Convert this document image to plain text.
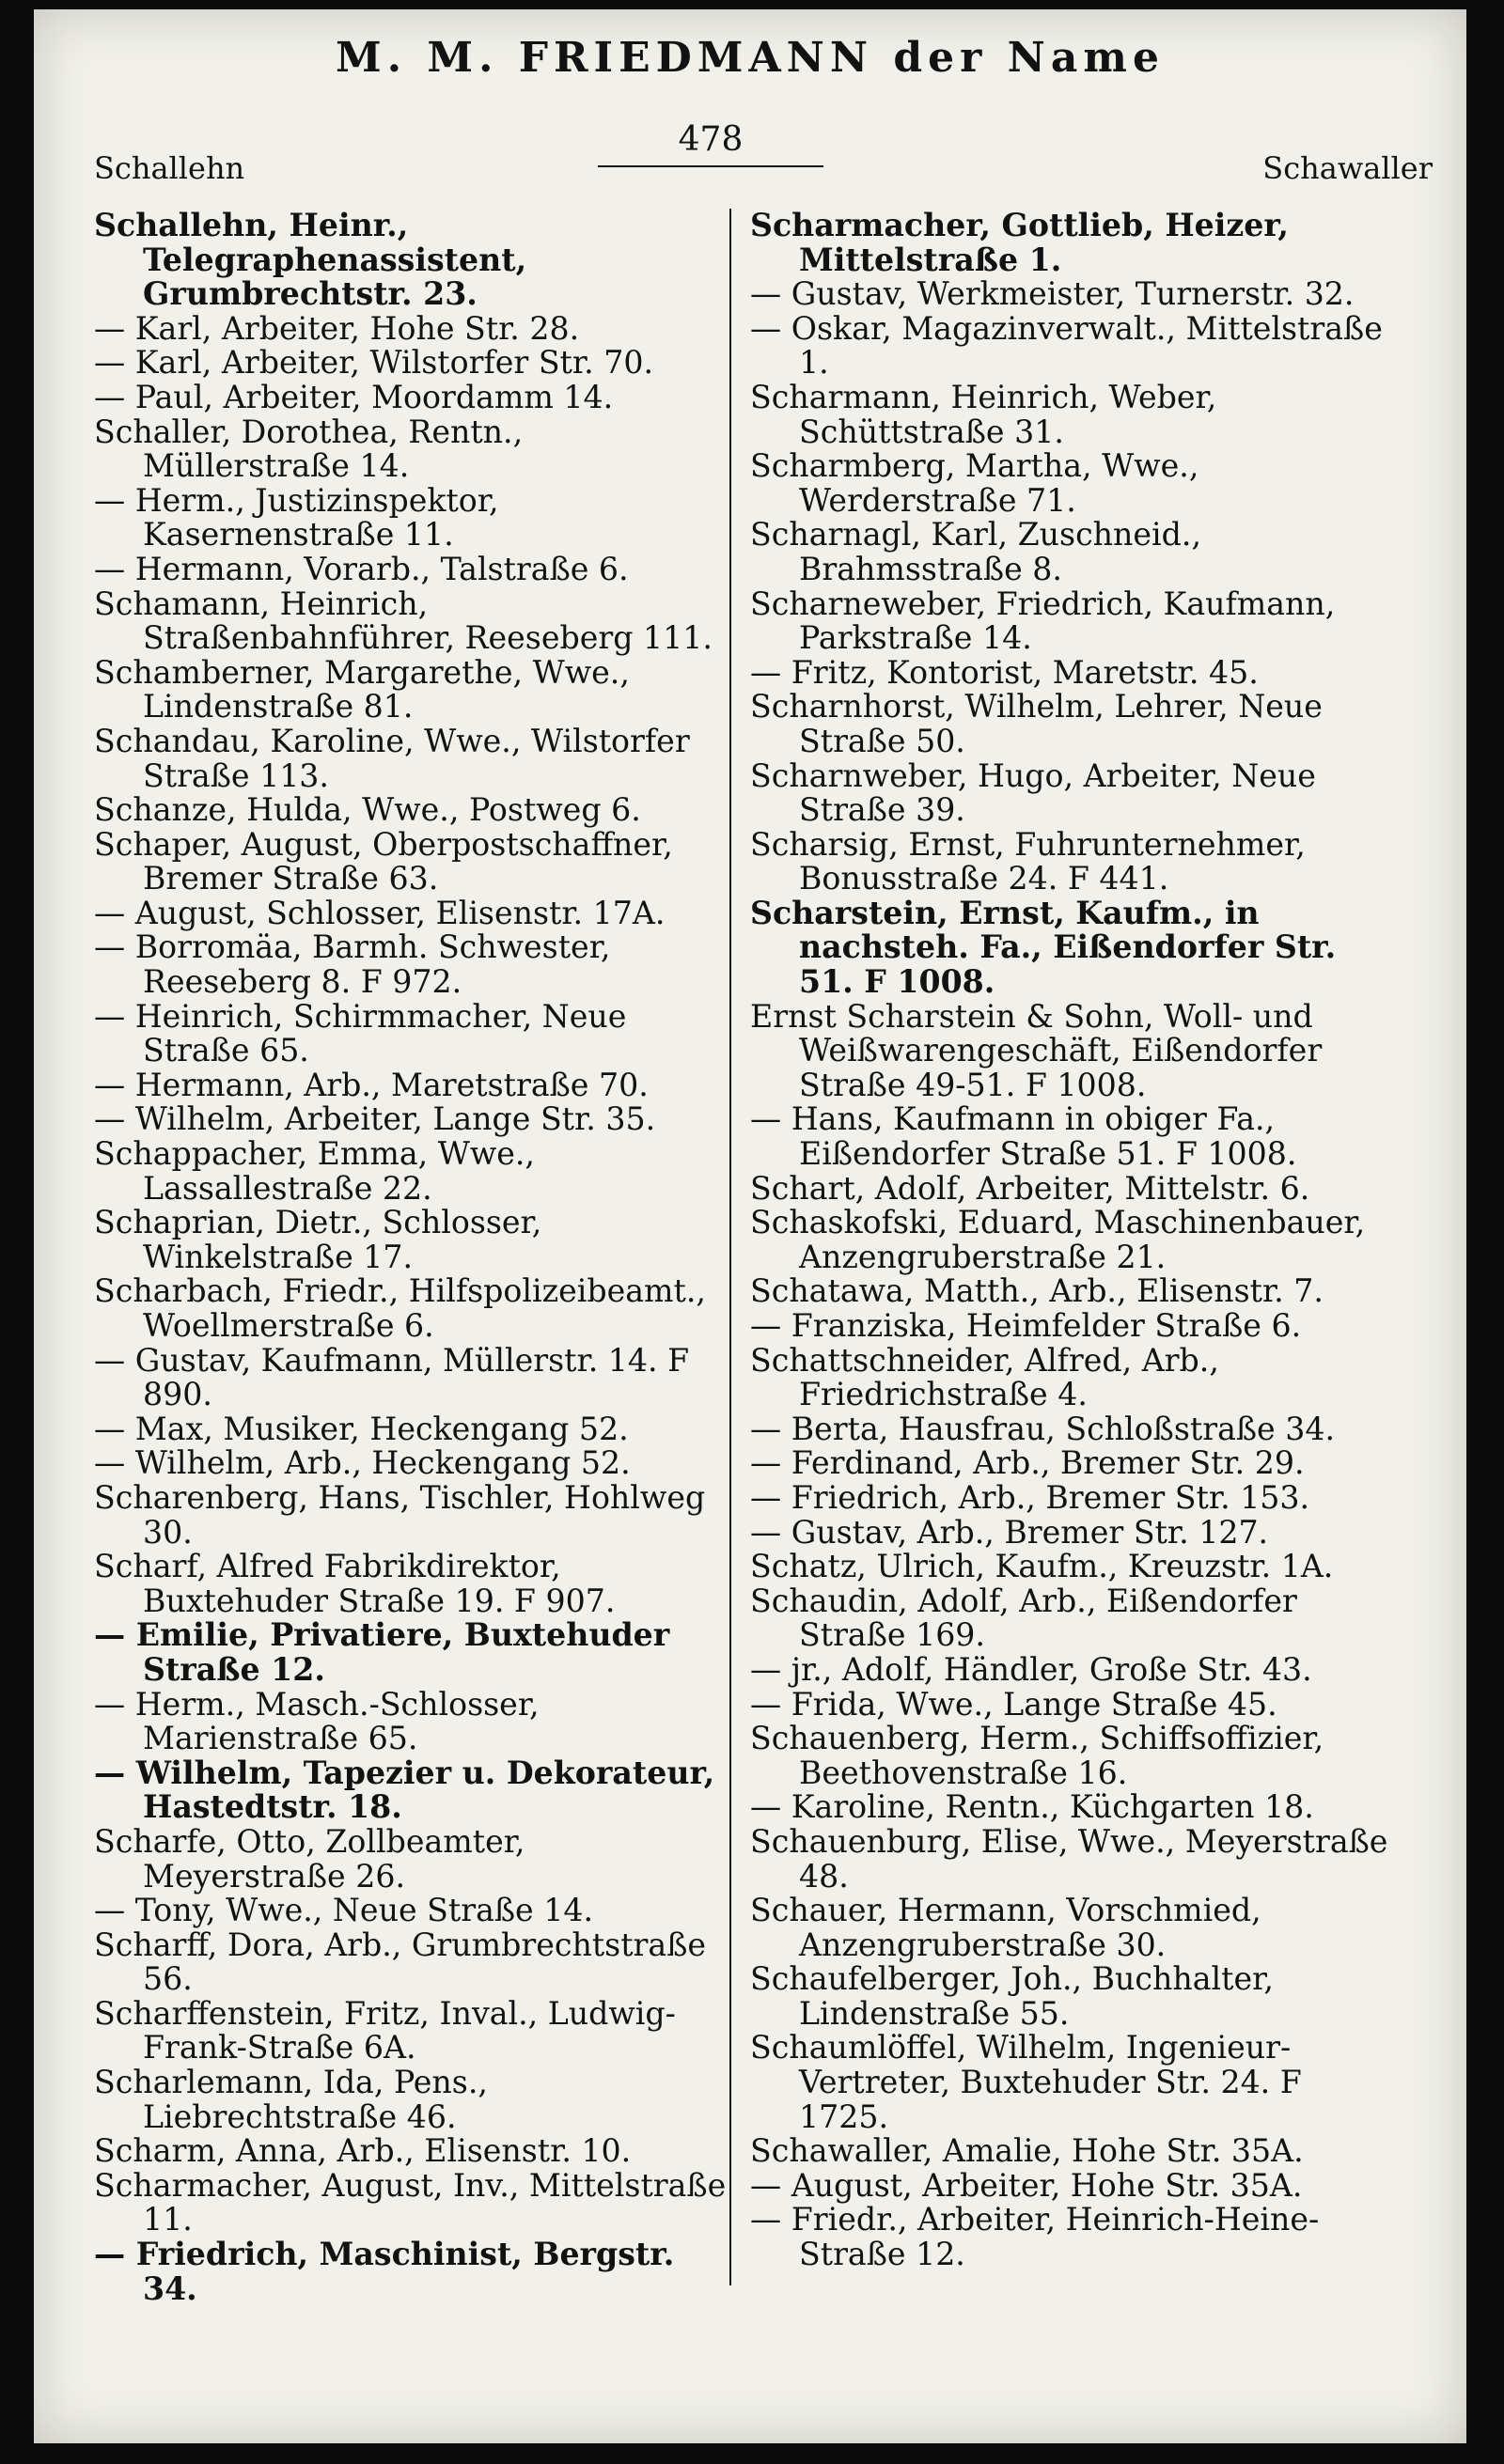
M. M. FRIEDMANN der Name
Schallehn
478
Schawaller

Schallehn, Heinr., Telegraphenassistent, Grumbrechtstr. 23.

— Karl, Arbeiter, Hohe Str. 28.

— Karl, Arbeiter, Wilstorfer Str. 70.

— Paul, Arbeiter, Moordamm 14.

Schaller, Dorothea, Rentn., Müllerstraße 14.

— Herm., Justizinspektor, Kasernenstraße 11.

— Hermann, Vorarb., Talstraße 6.

Schamann, Heinrich, Straßenbahnführer, Reeseberg 111.

Schamberner, Margarethe, Wwe., Lindenstraße 81.

Schandau, Karoline, Wwe., Wilstorfer Straße 113.

Schanze, Hulda, Wwe., Postweg 6.

Schaper, August, Oberpostschaffner, Bremer Straße 63.

— August, Schlosser, Elisenstr. 17A.

— Borromäa, Barmh. Schwester, Reeseberg 8. F 972.

— Heinrich, Schirmmacher, Neue Straße 65.

— Hermann, Arb., Maretstraße 70.

— Wilhelm, Arbeiter, Lange Str. 35.

Schappacher, Emma, Wwe., Lassallestraße 22.

Schaprian, Dietr., Schlosser, Winkelstraße 17.

Scharbach, Friedr., Hilfspolizeibeamt., Woellmerstraße 6.

— Gustav, Kaufmann, Müllerstr. 14. F 890.

— Max, Musiker, Heckengang 52.

— Wilhelm, Arb., Heckengang 52.

Scharenberg, Hans, Tischler, Hohlweg 30.

Scharf, Alfred Fabrikdirektor, Buxtehuder Straße 19. F 907.

— Emilie, Privatiere, Buxtehuder Straße 12.

— Herm., Masch.-Schlosser, Marienstraße 65.

— Wilhelm, Tapezier u. Dekorateur, Hastedtstr. 18.

Scharfe, Otto, Zollbeamter, Meyerstraße 26.

— Tony, Wwe., Neue Straße 14.

Scharff, Dora, Arb., Grumbrechtstraße 56.

Scharffenstein, Fritz, Inval., Ludwig-Frank-Straße 6A.

Scharlemann, Ida, Pens., Liebrechtstraße 46.

Scharm, Anna, Arb., Elisenstr. 10.

Scharmacher, August, Inv., Mittelstraße 11.

— Friedrich, Maschinist, Bergstr. 34.

Scharmacher, Gottlieb, Heizer, Mittelstraße 1.

— Gustav, Werkmeister, Turnerstr. 32.

— Oskar, Magazinverwalt., Mittelstraße 1.

Scharmann, Heinrich, Weber, Schüttstraße 31.

Scharmberg, Martha, Wwe., Werderstraße 71.

Scharnagl, Karl, Zuschneid., Brahmsstraße 8.

Scharneweber, Friedrich, Kaufmann, Parkstraße 14.

— Fritz, Kontorist, Maretstr. 45.

Scharnhorst, Wilhelm, Lehrer, Neue Straße 50.

Scharnweber, Hugo, Arbeiter, Neue Straße 39.

Scharsig, Ernst, Fuhrunternehmer, Bonusstraße 24. F 441.

Scharstein, Ernst, Kaufm., in nachsteh. Fa., Eißendorfer Str. 51. F 1008.

Ernst Scharstein & Sohn, Woll- und Weißwarengeschäft, Eißendorfer Straße 49-51. F 1008.

— Hans, Kaufmann in obiger Fa., Eißendorfer Straße 51. F 1008.

Schart, Adolf, Arbeiter, Mittelstr. 6.

Schaskofski, Eduard, Maschinenbauer, Anzengruberstraße 21.

Schatawa, Matth., Arb., Elisenstr. 7.

— Franziska, Heimfelder Straße 6.

Schattschneider, Alfred, Arb., Friedrichstraße 4.

— Berta, Hausfrau, Schloßstraße 34.

— Ferdinand, Arb., Bremer Str. 29.

— Friedrich, Arb., Bremer Str. 153.

— Gustav, Arb., Bremer Str. 127.

Schatz, Ulrich, Kaufm., Kreuzstr. 1A.

Schaudin, Adolf, Arb., Eißendorfer Straße 169.

— jr., Adolf, Händler, Große Str. 43.

— Frida, Wwe., Lange Straße 45.

Schauenberg, Herm., Schiffsoffizier, Beethovenstraße 16.

— Karoline, Rentn., Küchgarten 18.

Schauenburg, Elise, Wwe., Meyerstraße 48.

Schauer, Hermann, Vorschmied, Anzengruberstraße 30.

Schaufelberger, Joh., Buchhalter, Lindenstraße 55.

Schaumlöffel, Wilhelm, Ingenieur-Vertreter, Buxtehuder Str. 24. F 1725.

Schawaller, Amalie, Hohe Str. 35A.

— August, Arbeiter, Hohe Str. 35A.

— Friedr., Arbeiter, Heinrich-Heine-Straße 12.
